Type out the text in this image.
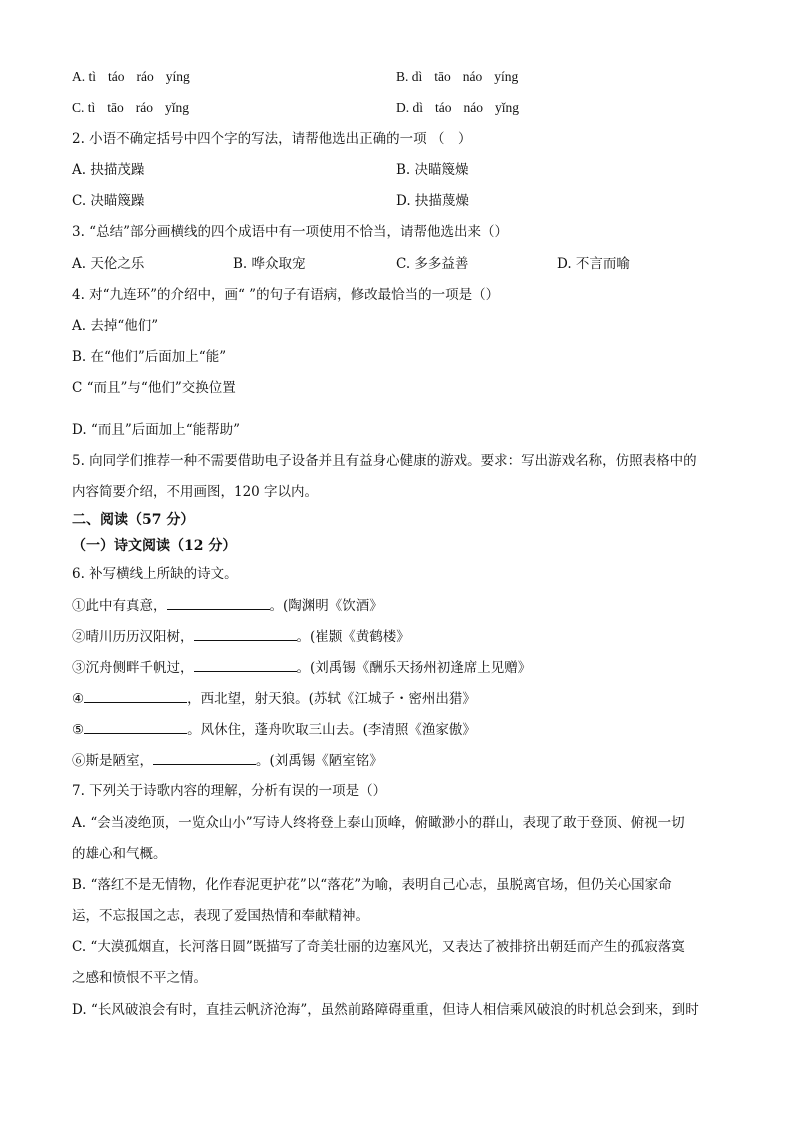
A. tì táo ráo yíng	B. dì tāo náo yíng
C. tì tāo ráo yǐng	D. dì táo náo yǐng
2. 小语不确定括号中四个字的写法，请帮他选出正确的一项 （　）
A. 抉描茂躁	B. 决瞄篾燥
C. 决瞄篾躁	D. 抉描蔑燥
3. “总结”部分画横线的四个成语中有一项使用不恰当，请帮他选出来（）
A. 天伦之乐	B. 哗众取宠	C. 多多益善	D. 不言而喻
4. 对“九连环”的介绍中，画“ ”的句子有语病，修改最恰当的一项是（）
A. 去掉“他们”
B. 在“他们”后面加上“能”
C “而且”与“他们”交换位置
D. “而且”后面加上“能帮助”
5. 向同学们推荐一种不需要借助电子设备并且有益身心健康的游戏。要求：写出游戏名称，仿照表格中的
内容简要介绍，不用画图，120 字以内。
二、阅读（57 分）
（一）诗文阅读（12 分）
6. 补写横线上所缺的诗文。
①此中有真意，	。(陶渊明《饮酒》
②晴川历历汉阳树，	。(崔颢《黄鹤楼》
③沉舟侧畔千帆过，	。(刘禹锡《酬乐天扬州初逢席上见赠》
④	，西北望，射天狼。(苏轼《江城子・密州出猎》
⑤	。风休住，蓬舟吹取三山去。(李清照《渔家傲》
⑥斯是陋室，	。(刘禹锡《陋室铭》
7. 下列关于诗歌内容的理解，分析有误的一项是（）
A. “会当凌绝顶，一览众山小”写诗人终将登上泰山顶峰，俯瞰渺小的群山，表现了敢于登顶、俯视一切
的雄心和气概。
B. “落红不是无情物，化作春泥更护花”以“落花”为喻，表明自己心志，虽脱离官场，但仍关心国家命
运，不忘报国之志，表现了爱国热情和奉献精神。
C. “大漠孤烟直，长河落日圆”既描写了奇美壮丽的边塞风光，又表达了被排挤出朝廷而产生的孤寂落寞
之感和愤恨不平之情。
D. “长风破浪会有时，直挂云帆济沧海”，虽然前路障碍重重，但诗人相信乘风破浪的时机总会到来，到时
